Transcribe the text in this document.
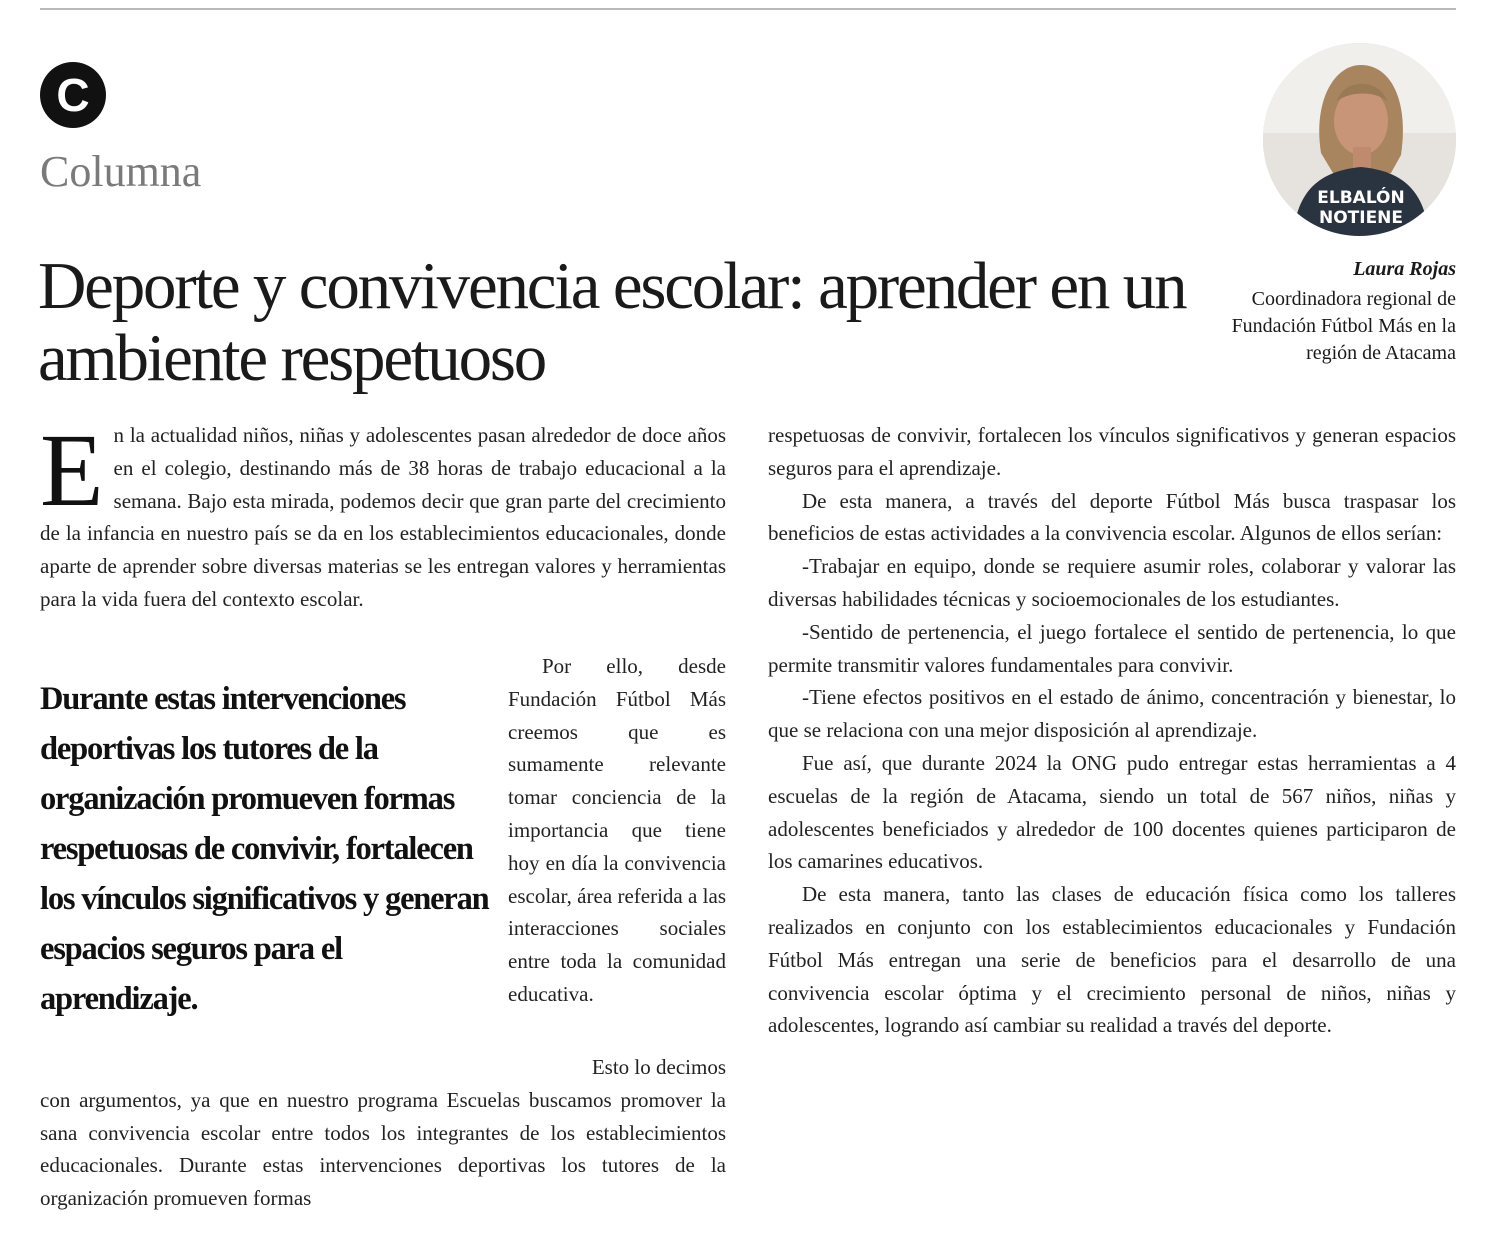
C
Columna
Deporte y convivencia escolar: aprender en un ambiente respetuoso
ELBALÓN
NOTIENE
Laura Rojas
Coordinadora regional de Fundación Fútbol Más en la región de Atacama
E n la actualidad niños, niñas y adolescentes pasan alrededor de doce años en el colegio, destinando más de 38 horas de trabajo educacional a la semana. Bajo esta mirada, podemos decir que gran parte del crecimiento de la infancia en nuestro país se da en los establecimientos educacionales, donde aparte de aprender sobre diversas materias se les entregan valores y herramientas para la vida fuera del contexto escolar.

Durante estas intervenciones deportivas los tutores de la organización promueven formas respetuosas de convivir, fortalecen los vínculos significativos y generan espacios seguros para el aprendizaje.

Por ello, desde Fundación Fútbol Más creemos que es sumamente relevante tomar conciencia de la importancia que tiene hoy en día la convivencia escolar, área referida a las interacciones sociales entre toda la comunidad educativa.

Esto lo decimos

con argumentos, ya que en nuestro programa Escuelas buscamos promover la sana convivencia escolar entre todos los integrantes de los establecimientos educacionales. Durante estas intervenciones deportivas los tutores de la organización promueven formas

respetuosas de convivir, fortalecen los vínculos significativos y generan espacios seguros para el aprendizaje.

De esta manera, a través del deporte Fútbol Más busca traspasar los beneficios de estas actividades a la convivencia escolar. Algunos de ellos serían:

-Trabajar en equipo, donde se requiere asumir roles, colaborar y valorar las diversas habilidades técnicas y socioemocionales de los estudiantes.

-Sentido de pertenencia, el juego fortalece el sentido de pertenencia, lo que permite transmitir valores fundamentales para convivir.

-Tiene efectos positivos en el estado de ánimo, concentración y bienestar, lo que se relaciona con una mejor disposición al aprendizaje.

Fue así, que durante 2024 la ONG pudo entregar estas herramientas a 4 escuelas de la región de Atacama, siendo un total de 567 niños, niñas y adolescentes beneficiados y alrededor de 100 docentes quienes participaron de los camarines educativos.

De esta manera, tanto las clases de educación física como los talleres realizados en conjunto con los establecimientos educacionales y Fundación Fútbol Más entregan una serie de beneficios para el desarrollo de una convivencia escolar óptima y el crecimiento personal de niños, niñas y adolescentes, logrando así cambiar su realidad a través del deporte.
